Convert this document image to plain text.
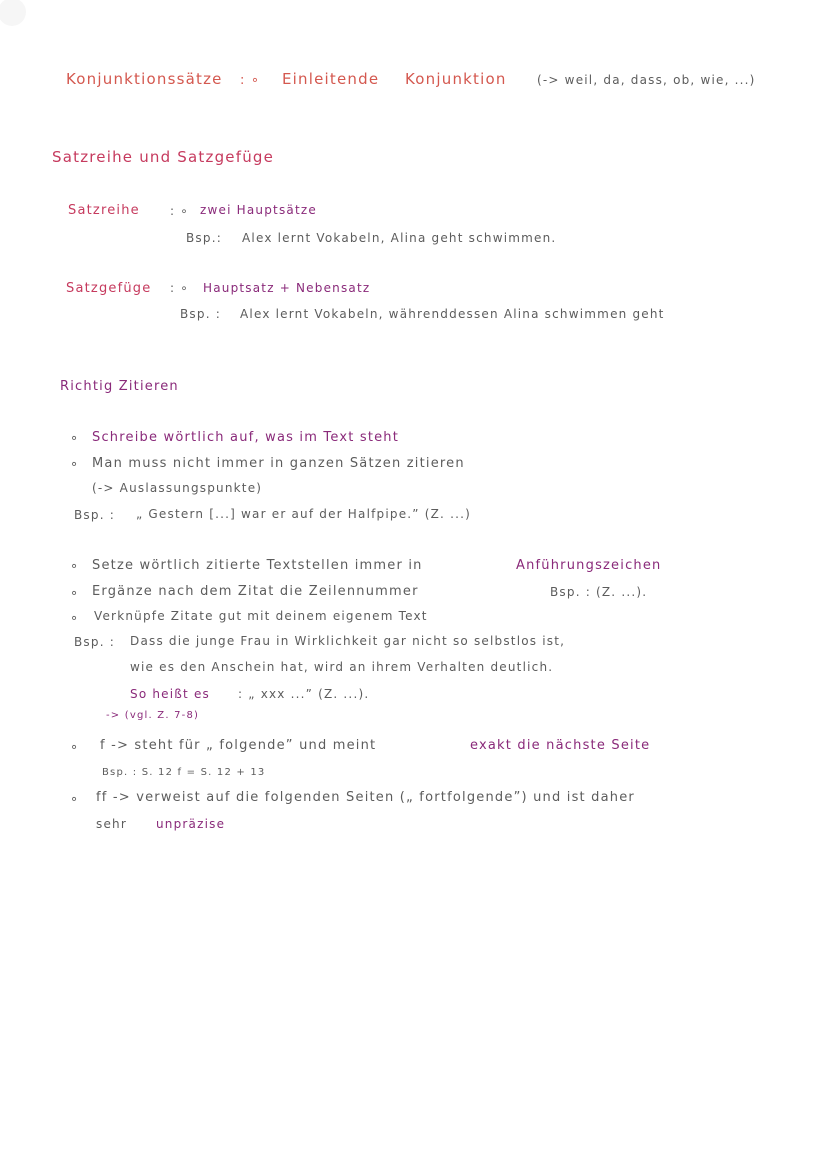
Konjunktionssätze : ∘ Einleitende Konjunktion	(-> weil, da, dass, ob, wie, ...)
Satzreihe und Satzgefüge
Satzreihe	: ∘ zwei Hauptsätze
Bsp.: Alex lernt Vokabeln, Alina geht schwimmen.
Satzgefüge : ∘ Hauptsatz + Nebensatz
Bsp. : Alex lernt Vokabeln, währenddessen Alina schwimmen geht
Richtig Zitieren
∘ Schreibe wörtlich auf, was im Text steht
∘ Man muss nicht immer in ganzen Sätzen zitieren
(-> Auslassungspunkte)
Bsp. : „ Gestern [...] war er auf der Halfpipe.” (Z. ...)
∘ Setze wörtlich zitierte Textstellen immer in	Anführungszeichen
∘ Ergänze nach dem Zitat die Zeilennummer	Bsp. : (Z. ...).
∘ Verknüpfe Zitate gut mit deinem eigenem Text
Bsp. : Dass die junge Frau in Wirklichkeit gar nicht so selbstlos ist,
wie es den Anschein hat, wird an ihrem Verhalten deutlich.
So heißt es : „ xxx ...” (Z. ...).
-> (vgl. Z. 7-8)
∘ f -> steht für „ folgende” und meint	exakt die nächste Seite
Bsp. : S. 12 f = S. 12 + 13
∘ ff -> verweist auf die folgenden Seiten („ fortfolgende”) und ist daher
sehr unpräzise
